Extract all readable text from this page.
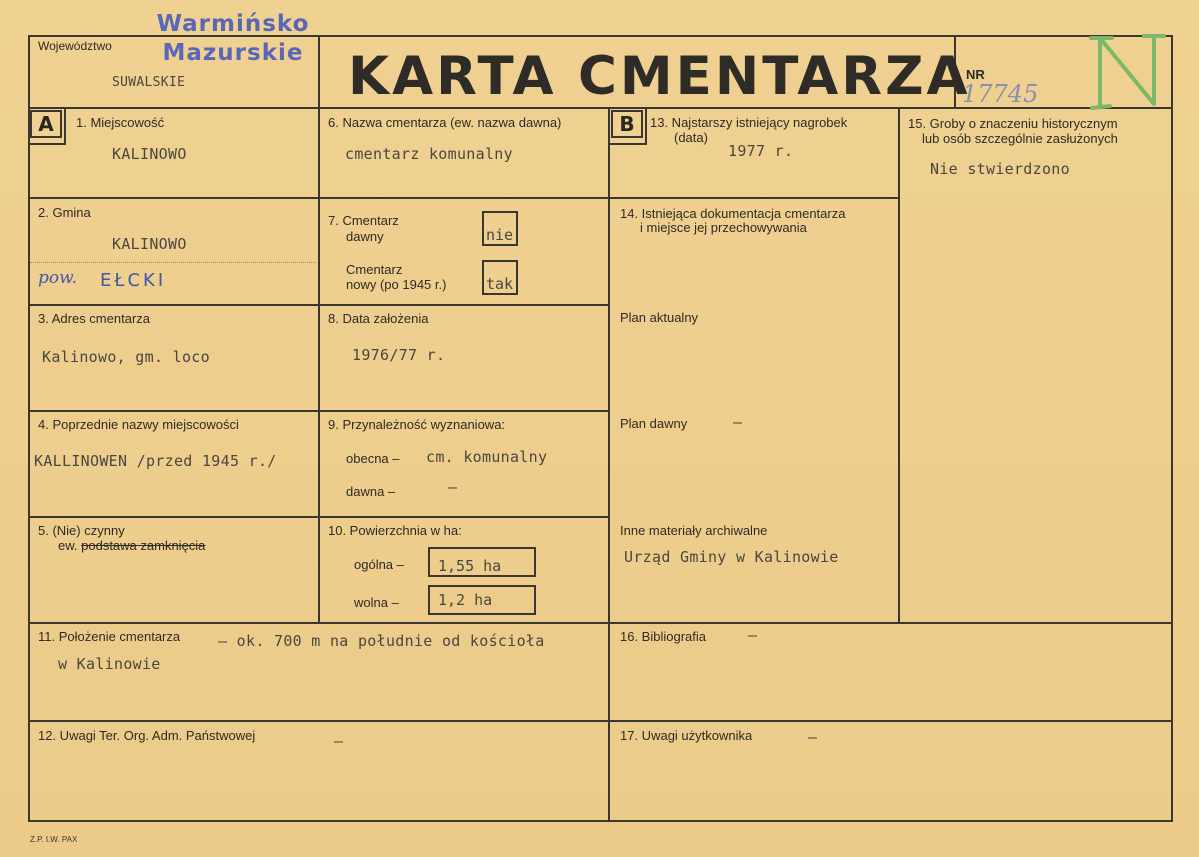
Warmińsko
Mazurskie
Województwo
SUWALSKIE	KARTA CMENTARZA
NR
17745
A	1. Miejscowość
KALINOWO
2. Gmina
KALINOWO
pow. EŁCKI
3. Adres cmentarza
Kalinowo, gm. loco
4. Poprzednie nazwy miejscowości
KALLINOWEN /przed 1945 r./
5. (Nie) czynny
ew. podstawa zamknięcia
6. Nazwa cmentarza (ew. nazwa dawna)
cmentarz komunalny
7. Cmentarz
dawny	nie
Cmentarz
nowy (po 1945 r.)	tak
8. Data założenia
1976/77 r.
9. Przynależność wyznaniowa:
obecna – cm. komunalny
dawna –	–
10. Powierzchnia w ha:
ogólna – 1,55 ha
wolna –	1,2 ha
B	13. Najstarszy istniejący nagrobek
(data)
1977 r.
14. Istniejąca dokumentacja cmentarza
i miejsce jej przechowywania
Plan aktualny
Plan dawny	–
Inne materiały archiwalne
Urząd Gminy w Kalinowie
15. Groby o znaczeniu historycznym
lub osób szczególnie zasłużonych
Nie stwierdzono
11. Położenie cmentarza	– ok. 700 m na południe od kościoła
w Kalinowie
16. Bibliografia	–
12. Uwagi Ter. Org. Adm. Państwowej	–	17. Uwagi użytkownika	–
Z.P. I.W. PAX
